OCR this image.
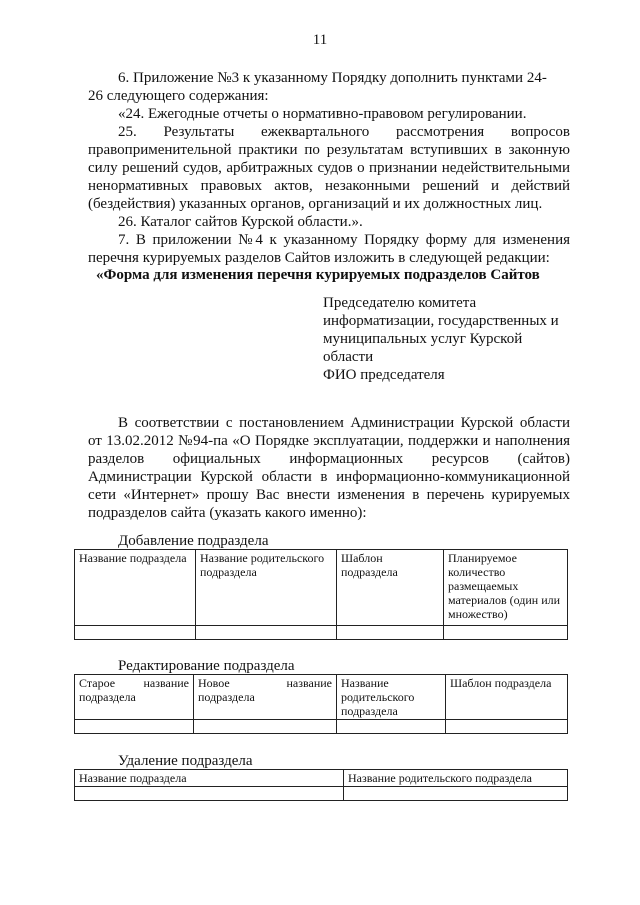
11
6. Приложение №3 к указанному Порядку дополнить пунктами 24-
26 следующего содержания:
«24. Ежегодные отчеты о нормативно-правовом регулировании.
25. Результаты ежеквартального рассмотрения вопросов
правоприменительной практики по результатам вступивших в законную
силу решений судов, арбитражных судов о признании недействительными
ненормативных правовых актов, незаконными решений и действий
(бездействия) указанных органов, организаций и их должностных лиц.
26. Каталог сайтов Курской области.».
7. В приложении №4 к указанному Порядку форму для изменения
перечня курируемых разделов Сайтов изложить в следующей редакции:
«Форма для изменения перечня курируемых подразделов Сайтов
Председателю комитета
информатизации, государственных и
муниципальных услуг Курской
области
ФИО председателя
В соответствии с постановлением Администрации Курской области
от 13.02.2012 №94-па «О Порядке эксплуатации, поддержки и наполнения
разделов официальных информационных ресурсов (сайтов)
Администрации Курской области в информационно-коммуникационной
сети «Интернет» прошу Вас внести изменения в перечень курируемых
подразделов сайта (указать какого именно):
Добавление подраздела
Название подраздела	Название родительского подраздела	Шаблон подраздела	Планируемое количество размещаемых материалов (один или множество)

Редактирование подраздела
Старое название подраздела	Новое название подраздела	Название родительского подраздела	Шаблон подраздела

Удаление подраздела
Название подраздела	Название родительского подраздела
